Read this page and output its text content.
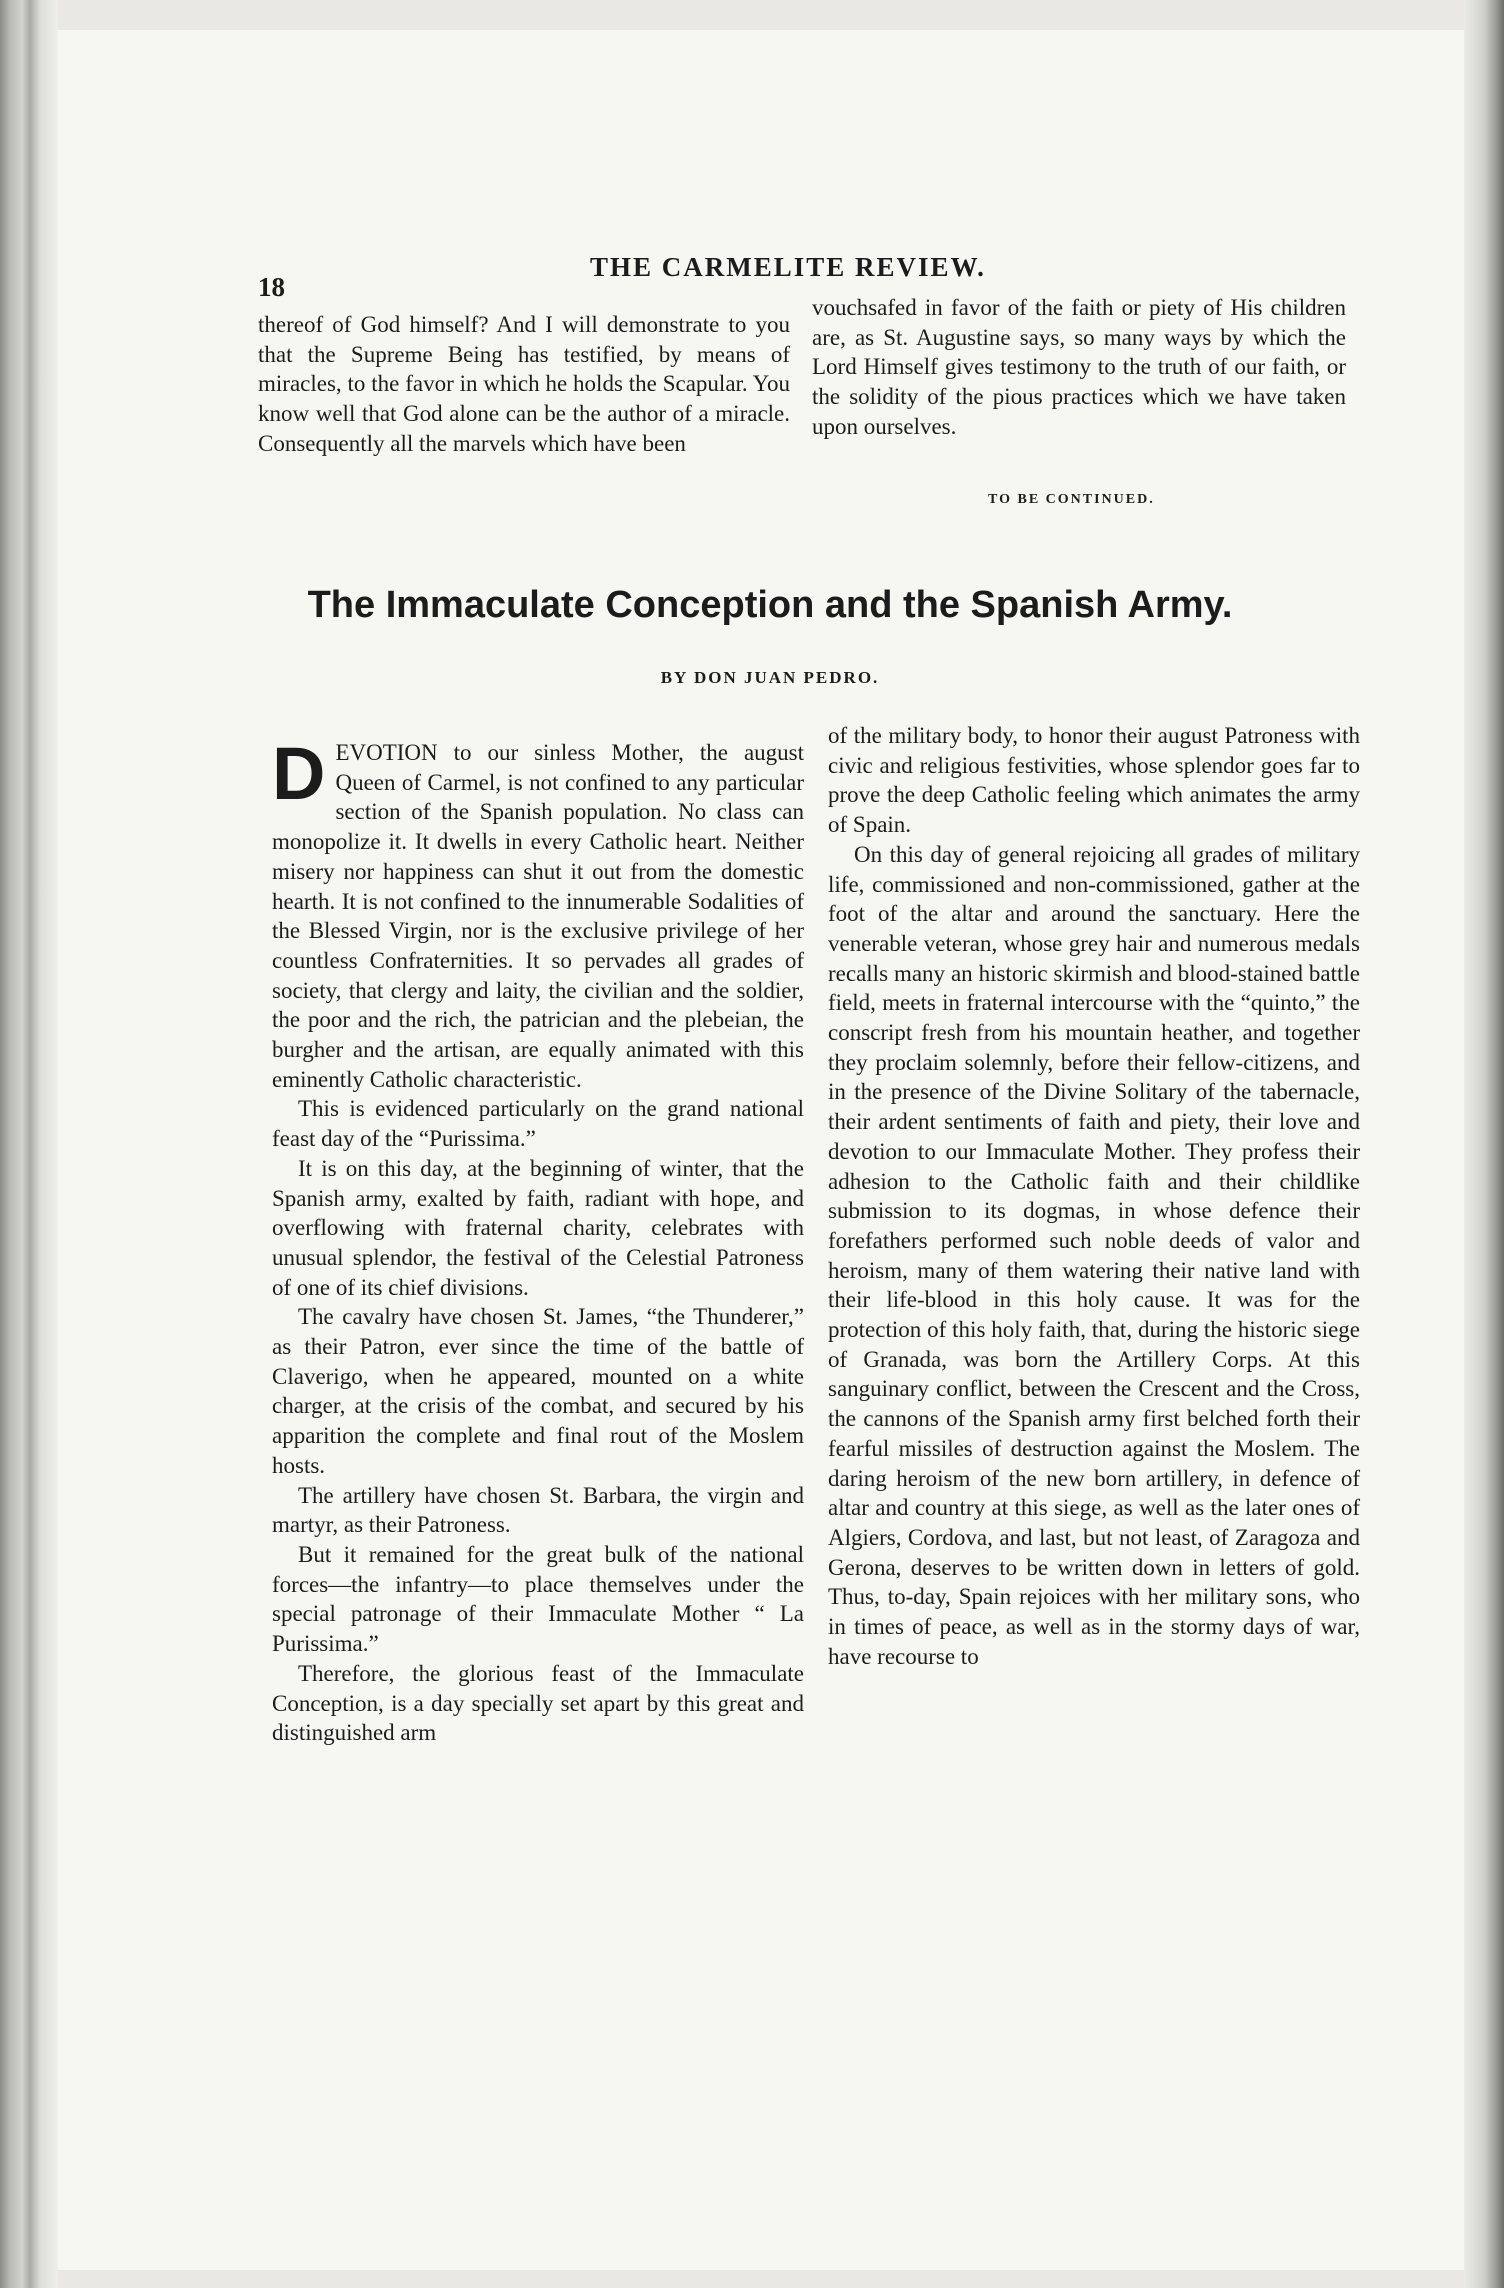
18
THE CARMELITE REVIEW.

thereof of God himself? And I will demonstrate to you that the Supreme Being has testified, by means of miracles, to the favor in which he holds the Scapular. You know well that God alone can be the author of a miracle. Consequently all the marvels which have been

vouchsafed in favor of the faith or piety of His children are, as St. Augustine says, so many ways by which the Lord Himself gives testimony to the truth of our faith, or the solidity of the pious practices which we have taken upon ourselves.

TO BE CONTINUED.
The Immaculate Conception and the Spanish Army.
BY DON JUAN PEDRO.

DEVOTION to our sinless Mother, the august Queen of Carmel, is not confined to any particular section of the Spanish population. No class can monopolize it. It dwells in every Catholic heart. Neither misery nor happiness can shut it out from the domestic hearth. It is not confined to the innumerable Sodalities of the Blessed Virgin, nor is the exclusive privilege of her countless Confraternities. It so pervades all grades of society, that clergy and laity, the civilian and the soldier, the poor and the rich, the patrician and the plebeian, the burgher and the artisan, are equally animated with this eminently Catholic characteristic.

This is evidenced particularly on the grand national feast day of the “Purissima.”

It is on this day, at the beginning of winter, that the Spanish army, exalted by faith, radiant with hope, and overflowing with fraternal charity, celebrates with unusual splendor, the festival of the Celestial Patroness of one of its chief divisions.

The cavalry have chosen St. James, “the Thunderer,” as their Patron, ever since the time of the battle of Claverigo, when he appeared, mounted on a white charger, at the crisis of the combat, and secured by his apparition the complete and final rout of the Moslem hosts.

The artillery have chosen St. Barbara, the virgin and martyr, as their Patroness.

But it remained for the great bulk of the national forces—the infantry—to place themselves under the special patronage of their Immaculate Mother “ La Purissima.”

Therefore, the glorious feast of the Immaculate Conception, is a day specially set apart by this great and distinguished arm

of the military body, to honor their august Patroness with civic and religious festivities, whose splendor goes far to prove the deep Catholic feeling which animates the army of Spain.

On this day of general rejoicing all grades of military life, commissioned and non-commissioned, gather at the foot of the altar and around the sanctuary. Here the venerable veteran, whose grey hair and numerous medals recalls many an historic skirmish and blood-stained battle field, meets in fraternal intercourse with the “quinto,” the conscript fresh from his mountain heather, and together they proclaim solemnly, before their fellow-citizens, and in the presence of the Divine Solitary of the tabernacle, their ardent sentiments of faith and piety, their love and devotion to our Immaculate Mother. They profess their adhesion to the Catholic faith and their childlike submission to its dogmas, in whose defence their forefathers performed such noble deeds of valor and heroism, many of them watering their native land with their life-blood in this holy cause. It was for the protection of this holy faith, that, during the historic siege of Granada, was born the Artillery Corps. At this sanguinary conflict, between the Crescent and the Cross, the cannons of the Spanish army first belched forth their fearful missiles of destruction against the Moslem. The daring heroism of the new born artillery, in defence of altar and country at this siege, as well as the later ones of Algiers, Cordova, and last, but not least, of Zaragoza and Gerona, deserves to be written down in letters of gold. Thus, to-day, Spain rejoices with her military sons, who in times of peace, as well as in the stormy days of war, have recourse to
